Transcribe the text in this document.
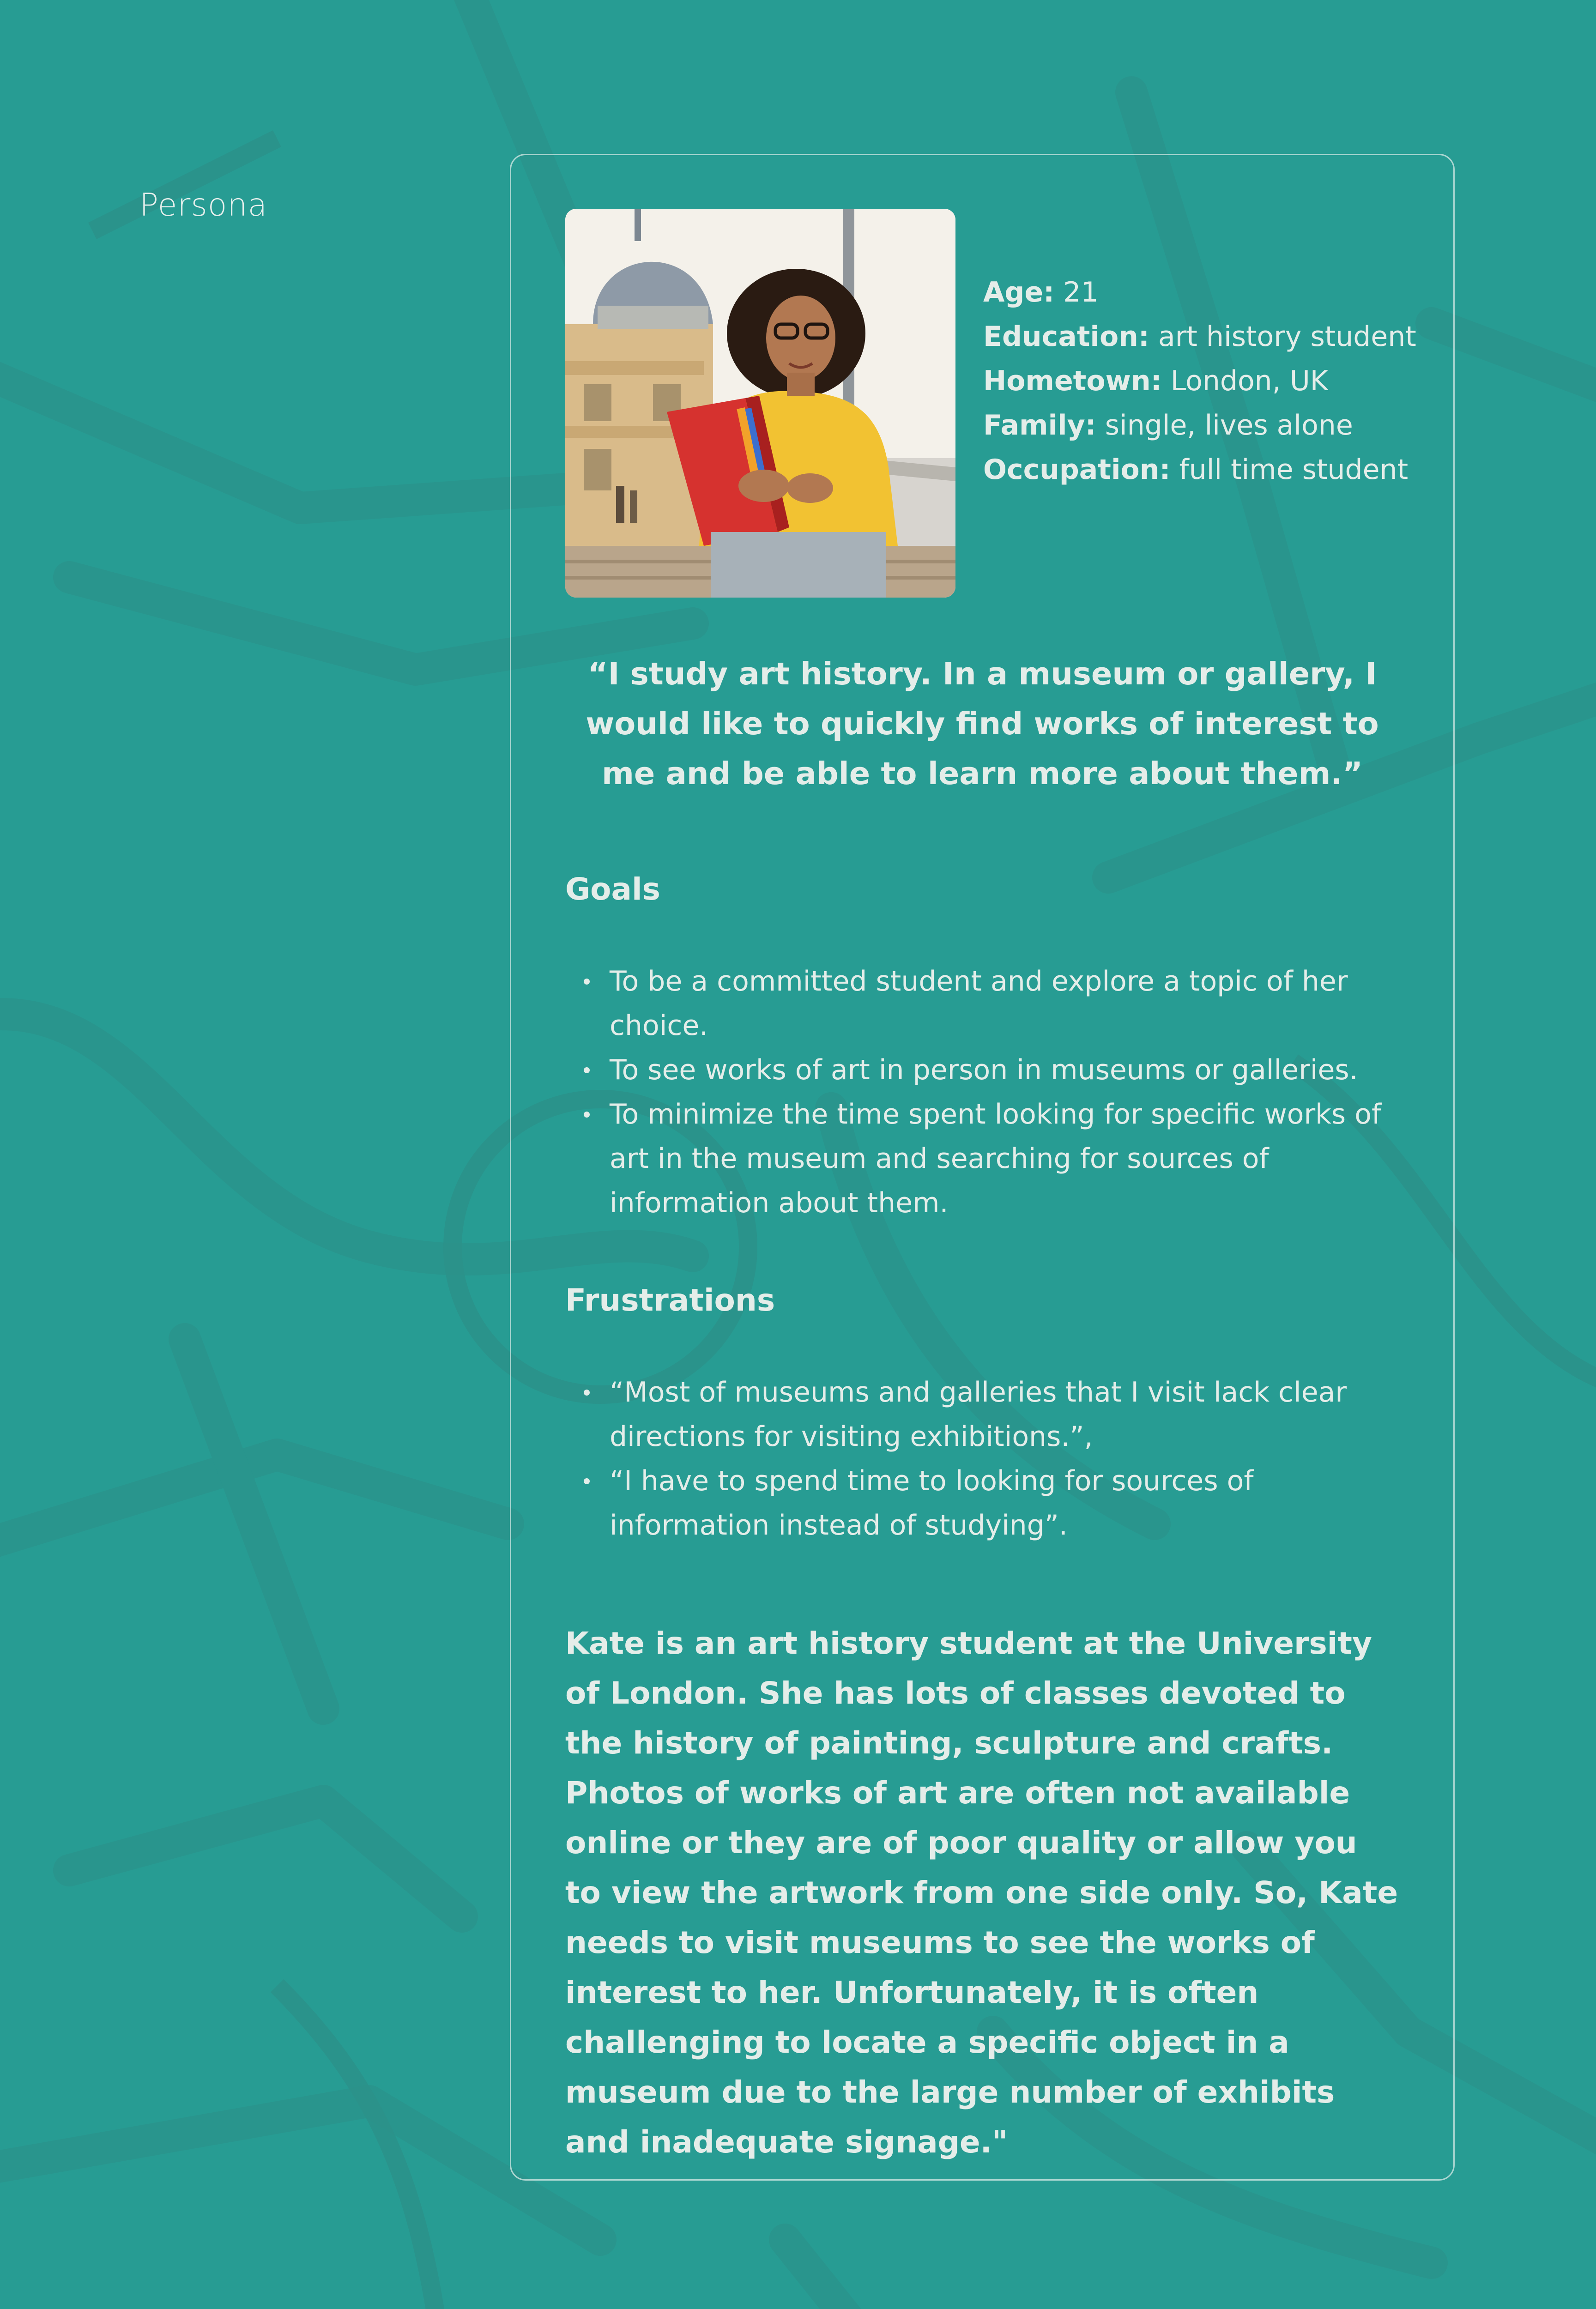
Persona
Age: 21
Education: art history student
Hometown: London, UK
Family: single, lives alone
Occupation: full time student
“I study art history. In a museum or gallery, I would like to quickly find works of interest to me and be able to learn more about them.”
Goals
To be a committed student and explore a topic of her choice.
To see works of art in person in museums or galleries.
To minimize the time spent looking for specific works of art in the museum and searching for sources of information about them.
Frustrations
“Most of museums and galleries that I visit lack clear directions for visiting exhibitions.”,
“I have to spend time to looking for sources of information instead of studying”.
Kate is an art history student at the University of London. She has lots of classes devoted to the history of painting, sculpture and crafts. Photos of works of art are often not available online or they are of poor quality or allow you to view the artwork from one side only. So, Kate needs to visit museums to see the works of interest to her. Unfortunately, it is often challenging to locate a specific object in a museum due to the large number of exhibits and inadequate signage."
